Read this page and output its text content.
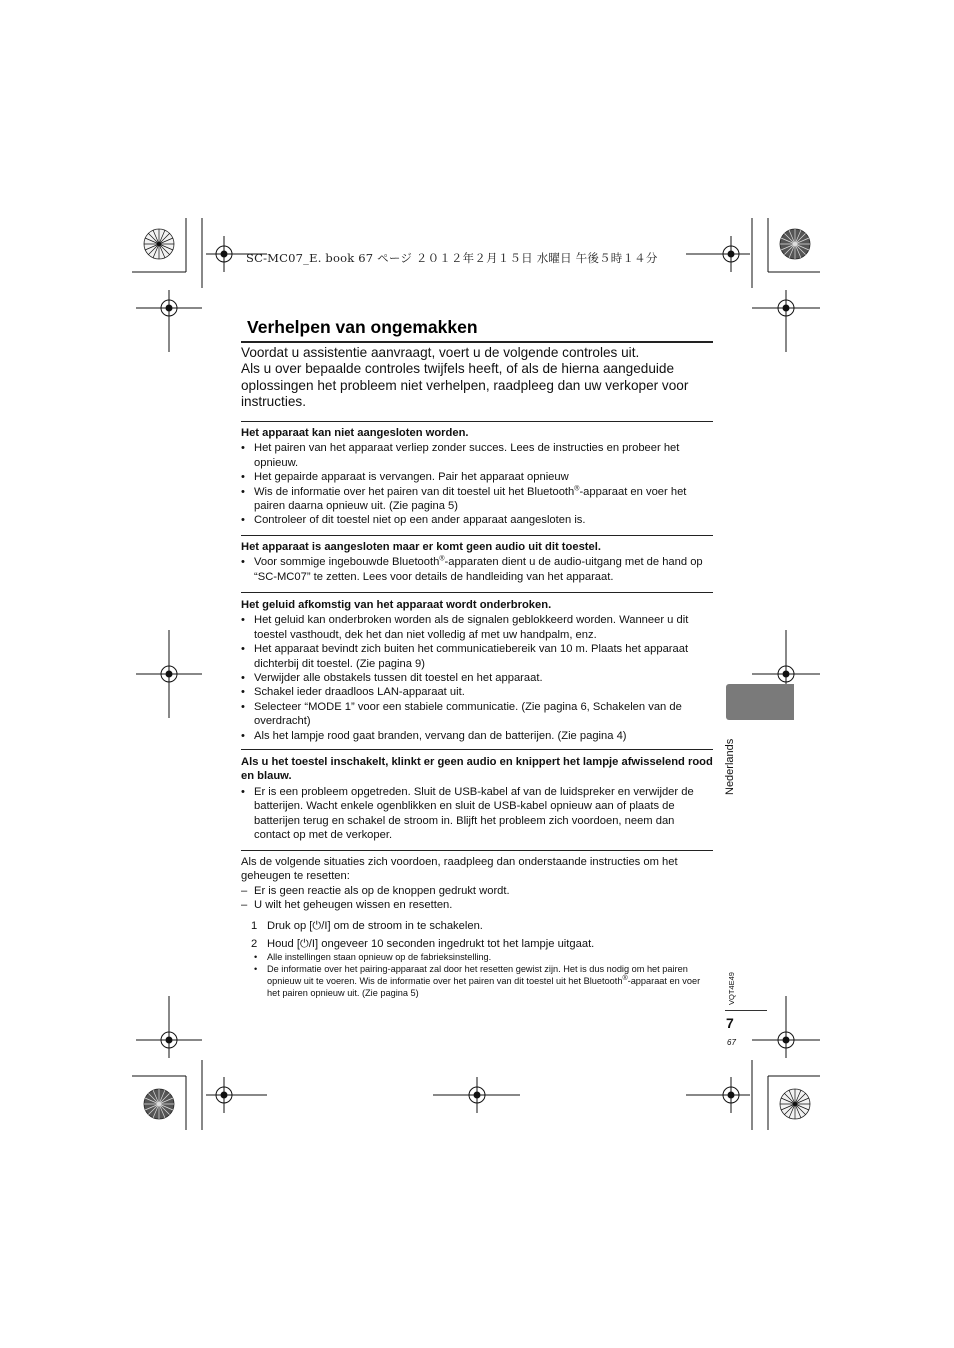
SC-MC07_E. book 67 ページ ２０１２年２月１５日 水曜日 午後５時１４分
Verhelpen van ongemakken

Voordat u assistentie aanvraagt, voert u de volgende controles uit.

Als u over bepaalde controles twijfels heeft, of als de hierna aangeduide oplossingen het probleem niet verhelpen, raadpleeg dan uw verkoper voor instructies.

Het apparaat kan niet aangesloten worden.
• Het pairen van het apparaat verliep zonder succes. Lees de instructies en probeer het opnieuw.
• Het gepairde apparaat is vervangen. Pair het apparaat opnieuw
• Wis de informatie over het pairen van dit toestel uit het Bluetooth®-apparaat en voer het pairen daarna opnieuw uit. (Zie pagina 5)
• Controleer of dit toestel niet op een ander apparaat aangesloten is.
Het apparaat is aangesloten maar er komt geen audio uit dit toestel.
• Voor sommige ingebouwde Bluetooth®-apparaten dient u de audio-uitgang met de hand op “SC-MC07” te zetten. Lees voor details de handleiding van het apparaat.
Het geluid afkomstig van het apparaat wordt onderbroken.
• Het geluid kan onderbroken worden als de signalen geblokkeerd worden. Wanneer u dit toestel vasthoudt, dek het dan niet volledig af met uw handpalm, enz.
• Het apparaat bevindt zich buiten het communicatiebereik van 10 m. Plaats het apparaat dichterbij dit toestel. (Zie pagina 9)
• Verwijder alle obstakels tussen dit toestel en het apparaat.
• Schakel ieder draadloos LAN-apparaat uit.
• Selecteer “MODE 1” voor een stabiele communicatie. (Zie pagina 6, Schakelen van de overdracht)
• Als het lampje rood gaat branden, vervang dan de batterijen. (Zie pagina 4)
Als u het toestel inschakelt, klinkt er geen audio en knippert het lampje afwisselend rood en blauw.
• Er is een probleem opgetreden. Sluit de USB-kabel af van de luidspreker en verwijder de batterijen. Wacht enkele ogenblikken en sluit de USB-kabel opnieuw aan of plaats de batterijen terug en schakel de stroom in. Blijft het probleem zich voordoen, neem dan contact op met de verkoper.

Als de volgende situaties zich voordoen, raadpleeg dan onderstaande instructies om het geheugen te resetten:

– Er is geen reactie als op de knoppen gedrukt wordt.
– U wilt het geheugen wissen en resetten.
1 Druk op [⏻/I] om de stroom in te schakelen.
2 Houd [⏻/I] ongeveer 10 seconden ingedrukt tot het lampje uitgaat.
• Alle instellingen staan opnieuw op de fabrieksinstelling.
• De informatie over het pairing-apparaat zal door het resetten gewist zijn. Het is dus nodig om het pairen opnieuw uit te voeren. Wis de informatie over het pairen van dit toestel uit het Bluetooth®-apparaat en voer het pairen opnieuw uit. (Zie pagina 5)
Nederlands
VQT4E49
7
67
